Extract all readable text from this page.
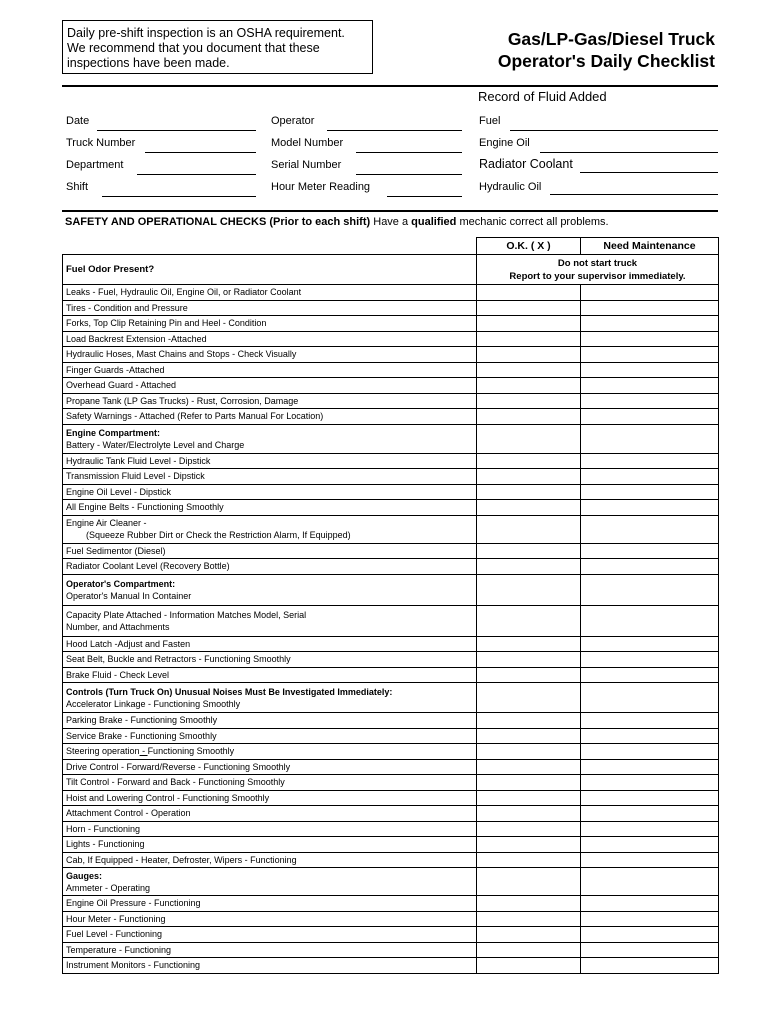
Daily pre-shift inspection is an OSHA requirement.
We recommend that you document that these
inspections have been made.
Gas/LP-Gas/Diesel Truck
Operator's Daily Checklist
Record of Fluid Added
Date
Truck Number
Department
Shift
Operator
Model Number
Serial Number
Hour Meter Reading
Fuel
Engine Oil
Radiator Coolant
Hydraulic Oil
SAFETY AND OPERATIONAL CHECKS (Prior to each shift) Have a qualified mechanic correct all problems.
	O.K. ( X )	Need Maintenance
Fuel Odor Present?	Do not start truck
Report to your supervisor immediately.	

Leaks - Fuel, Hydraulic Oil, Engine Oil, or Radiator Coolant		
Tires - Condition and Pressure		
Forks, Top Clip Retaining Pin and Heel - Condition		
Load Backrest Extension -Attached		
Hydraulic Hoses, Mast Chains and Stops - Check Visually		
Finger Guards -Attached		
Overhead Guard - Attached		
Propane Tank (LP Gas Trucks) - Rust, Corrosion, Damage		
Safety Warnings - Attached (Refer to Parts Manual For Location)		

Engine Compartment:
Battery - Water/Electrolyte Level and Charge		

Hydraulic Tank Fluid Level - Dipstick		
Transmission Fluid Level - Dipstick		
Engine Oil Level - Dipstick		
All Engine Belts - Functioning Smoothly		

Engine Air Cleaner -
(Squeeze Rubber Dirt or Check the Restriction Alarm, If Equipped)		

Fuel Sedimentor (Diesel)		
Radiator Coolant Level (Recovery Bottle)		

Operator's Compartment:
Operator's Manual In Container		

Capacity Plate Attached - Information Matches Model, Serial
Number, and Attachments		

Hood Latch -Adjust and Fasten		
Seat Belt, Buckle and Retractors - Functioning Smoothly		
Brake Fluid - Check Level		

Controls (Turn Truck On) Unusual Noises Must Be Investigated Immediately:
Accelerator Linkage - Functioning Smoothly		

Parking Brake - Functioning Smoothly		
Service Brake - Functioning Smoothly		
Steering operation - Functioning Smoothly		
Drive Control - Forward/Reverse - Functioning Smoothly		
Tilt Control - Forward and Back - Functioning Smoothly		
Hoist and Lowering Control - Functioning Smoothly		
Attachment Control - Operation		
Horn - Functioning		
Lights - Functioning		
Cab, If Equipped - Heater, Defroster, Wipers - Functioning		

Gauges:
Ammeter - Operating		

Engine Oil Pressure - Functioning		
Hour Meter - Functioning		
Fuel Level - Functioning		
Temperature - Functioning		
Instrument Monitors - Functioning		
